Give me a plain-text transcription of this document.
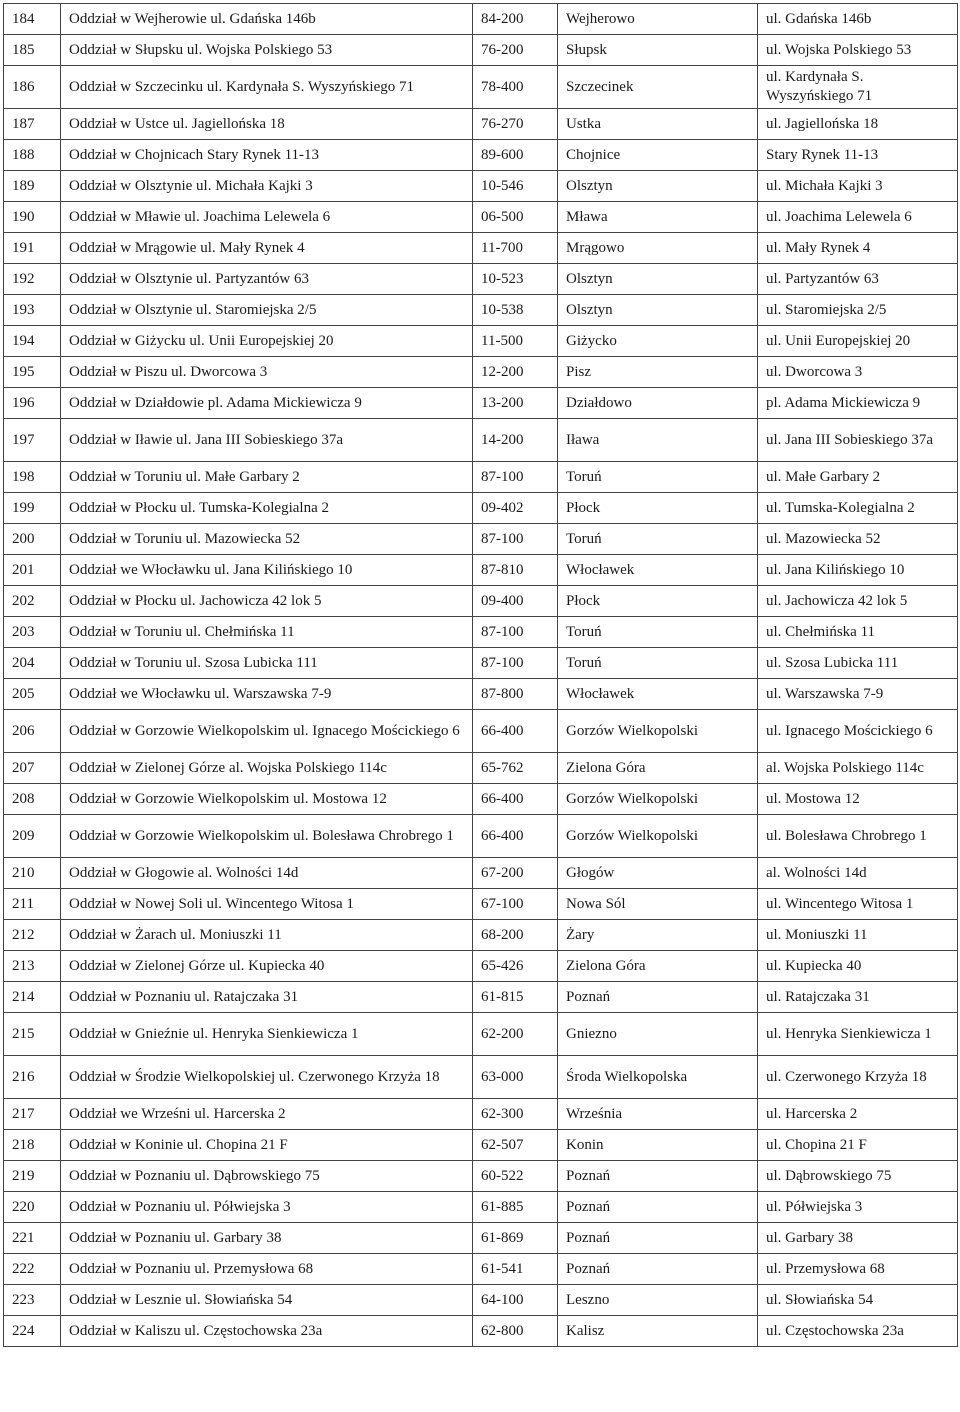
184	Oddział w Wejherowie ul. Gdańska 146b	84-200	Wejherowo	ul. Gdańska 146b
185	Oddział w Słupsku ul. Wojska Polskiego 53	76-200	Słupsk	ul. Wojska Polskiego 53
186	Oddział w Szczecinku ul. Kardynała S. Wyszyńskiego 71	78-400	Szczecinek	ul. Kardynała S. Wyszyńskiego 71
187	Oddział w Ustce ul. Jagiellońska 18	76-270	Ustka	ul. Jagiellońska 18
188	Oddział w Chojnicach Stary Rynek 11-13	89-600	Chojnice	Stary Rynek 11-13
189	Oddział w Olsztynie ul. Michała Kajki 3	10-546	Olsztyn	ul. Michała Kajki 3
190	Oddział w Mławie ul. Joachima Lelewela 6	06-500	Mława	ul. Joachima Lelewela 6
191	Oddział w Mrągowie ul. Mały Rynek 4	11-700	Mrągowo	ul. Mały Rynek 4
192	Oddział w Olsztynie ul. Partyzantów 63	10-523	Olsztyn	ul. Partyzantów 63
193	Oddział w Olsztynie ul. Staromiejska 2/5	10-538	Olsztyn	ul. Staromiejska 2/5
194	Oddział w Giżycku ul. Unii Europejskiej 20	11-500	Giżycko	ul. Unii Europejskiej 20
195	Oddział w Piszu ul. Dworcowa 3	12-200	Pisz	ul. Dworcowa 3
196	Oddział w Działdowie pl. Adama Mickiewicza 9	13-200	Działdowo	pl. Adama Mickiewicza 9
197	Oddział w Iławie ul. Jana III Sobieskiego 37a	14-200	Iława	ul. Jana III Sobieskiego 37a
198	Oddział w Toruniu ul. Małe Garbary 2	87-100	Toruń	ul. Małe Garbary 2
199	Oddział w Płocku ul. Tumska-Kolegialna 2	09-402	Płock	ul. Tumska-Kolegialna 2
200	Oddział w Toruniu ul. Mazowiecka 52	87-100	Toruń	ul. Mazowiecka 52
201	Oddział we Włocławku ul. Jana Kilińskiego 10	87-810	Włocławek	ul. Jana Kilińskiego 10
202	Oddział w Płocku ul. Jachowicza 42 lok 5	09-400	Płock	ul. Jachowicza 42 lok 5
203	Oddział w Toruniu ul. Chełmińska 11	87-100	Toruń	ul. Chełmińska 11
204	Oddział w Toruniu ul. Szosa Lubicka 111	87-100	Toruń	ul. Szosa Lubicka 111
205	Oddział we Włocławku ul. Warszawska 7-9	87-800	Włocławek	ul. Warszawska 7-9
206	Oddział w Gorzowie Wielkopolskim ul. Ignacego Mościckiego 6	66-400	Gorzów Wielkopolski	ul. Ignacego Mościckiego 6
207	Oddział w Zielonej Górze al. Wojska Polskiego 114c	65-762	Zielona Góra	al. Wojska Polskiego 114c
208	Oddział w Gorzowie Wielkopolskim ul. Mostowa 12	66-400	Gorzów Wielkopolski	ul. Mostowa 12
209	Oddział w Gorzowie Wielkopolskim ul. Bolesława Chrobrego 1	66-400	Gorzów Wielkopolski	ul. Bolesława Chrobrego 1
210	Oddział w Głogowie al. Wolności 14d	67-200	Głogów	al. Wolności 14d
211	Oddział w Nowej Soli ul. Wincentego Witosa 1	67-100	Nowa Sól	ul. Wincentego Witosa 1
212	Oddział w Żarach ul. Moniuszki 11	68-200	Żary	ul. Moniuszki 11
213	Oddział w Zielonej Górze ul. Kupiecka 40	65-426	Zielona Góra	ul. Kupiecka 40
214	Oddział w Poznaniu ul. Ratajczaka 31	61-815	Poznań	ul. Ratajczaka 31
215	Oddział w Gnieźnie ul. Henryka Sienkiewicza 1	62-200	Gniezno	ul. Henryka Sienkiewicza 1
216	Oddział w Środzie Wielkopolskiej ul. Czerwonego Krzyża 18	63-000	Środa Wielkopolska	ul. Czerwonego Krzyża 18
217	Oddział we Wrześni ul. Harcerska 2	62-300	Września	ul. Harcerska 2
218	Oddział w Koninie ul. Chopina 21 F	62-507	Konin	ul. Chopina 21 F
219	Oddział w Poznaniu ul. Dąbrowskiego 75	60-522	Poznań	ul. Dąbrowskiego 75
220	Oddział w Poznaniu ul. Półwiejska 3	61-885	Poznań	ul. Półwiejska 3
221	Oddział w Poznaniu ul. Garbary 38	61-869	Poznań	ul. Garbary 38
222	Oddział w Poznaniu ul. Przemysłowa 68	61-541	Poznań	ul. Przemysłowa 68
223	Oddział w Lesznie ul. Słowiańska 54	64-100	Leszno	ul. Słowiańska 54
224	Oddział w Kaliszu ul. Częstochowska 23a	62-800	Kalisz	ul. Częstochowska 23a
